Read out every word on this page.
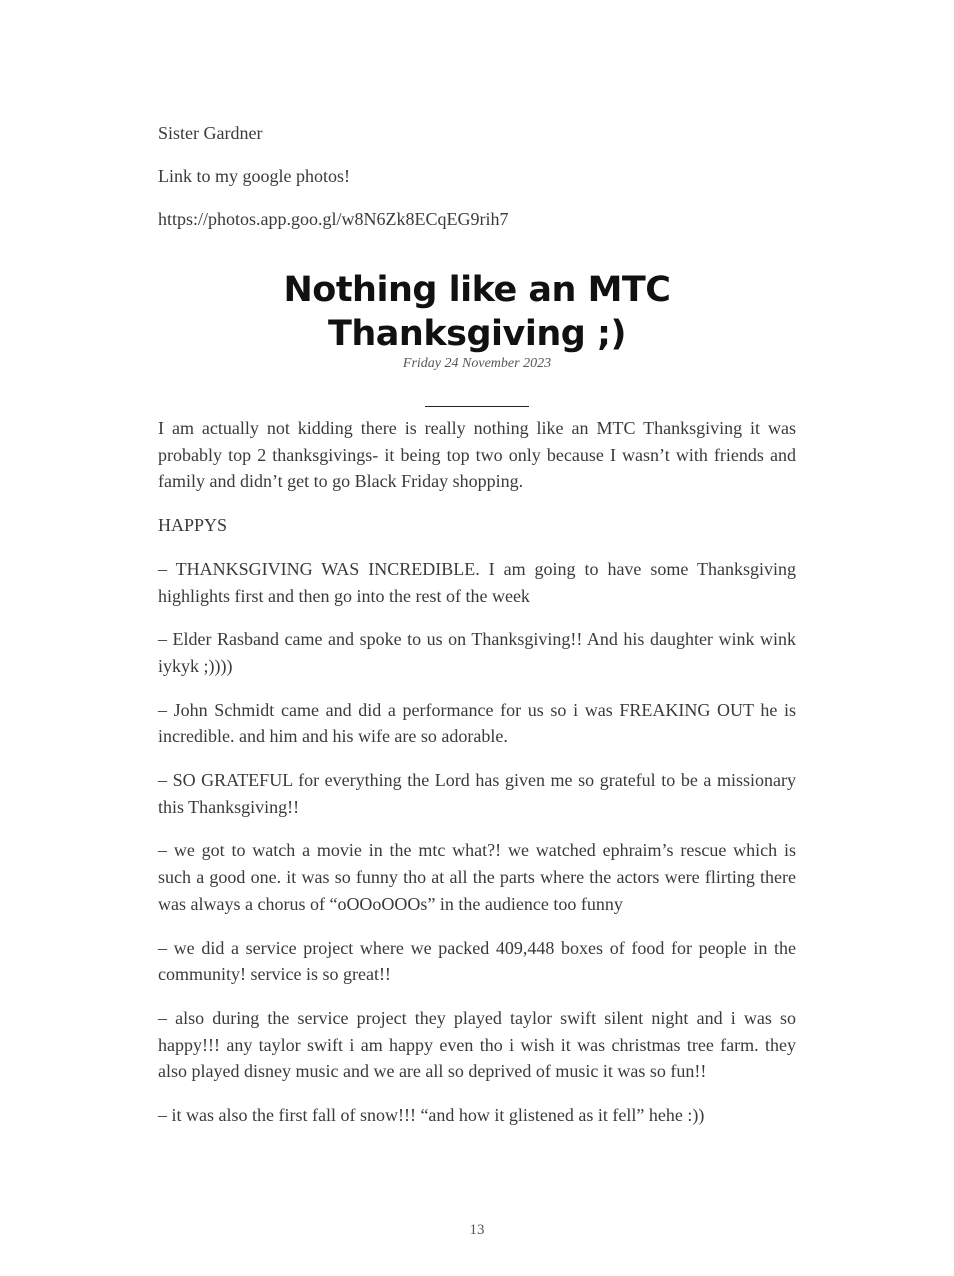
Sister Gardner

Link to my google photos!

https://photos.app.goo.gl/w8N6Zk8ECqEG9rih7

Nothing like an MTC Thanksgiving ;)
Friday 24 November 2023

I am actually not kidding there is really nothing like an MTC Thanksgiving it was probably top 2 thanksgivings- it being top two only because I wasn’t with friends and family and didn’t get to go Black Friday shopping.

HAPPYS

– THANKSGIVING WAS INCREDIBLE. I am going to have some Thanksgiving highlights first and then go into the rest of the week

– Elder Rasband came and spoke to us on Thanksgiving!! And his daughter wink wink iykyk ;))))

– John Schmidt came and did a performance for us so i was FREAKING OUT he is incredible. and him and his wife are so adorable.

– SO GRATEFUL for everything the Lord has given me so grateful to be a missionary this Thanksgiving!!

– we got to watch a movie in the mtc what?! we watched ephraim’s rescue which is such a good one. it was so funny tho at all the parts where the actors were flirting there was always a chorus of “oOOoOOOs” in the audience too funny

– we did a service project where we packed 409,448 boxes of food for people in the community! service is so great!!

– also during the service project they played taylor swift silent night and i was so happy!!! any taylor swift i am happy even tho i wish it was christmas tree farm. they also played disney music and we are all so deprived of music it was so fun!!

– it was also the first fall of snow!!! “and how it glistened as it fell” hehe :))

13
